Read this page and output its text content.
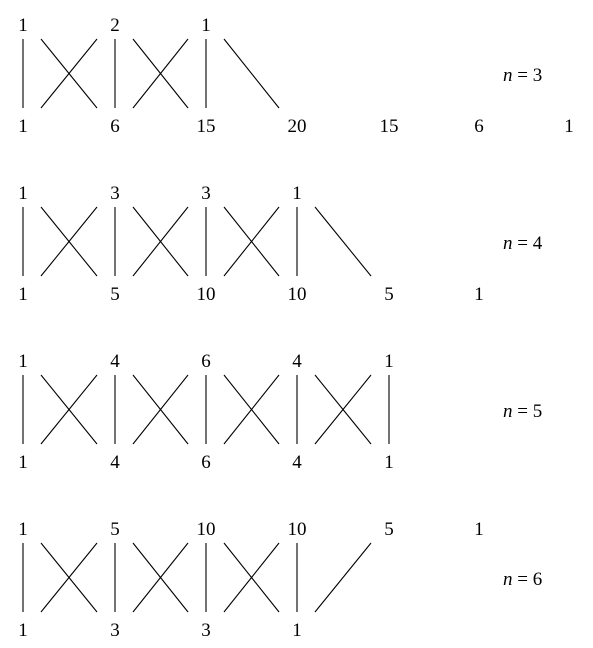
1	2	1
1	6	15	20	15	6	1
n = 3
1	3	3	1
1	5	10	10	5	1
n = 4
1	4	6	4	1
1	4	6	4	1
n = 5
1	5	10	10	5	1
1	3	3	1
n = 6
